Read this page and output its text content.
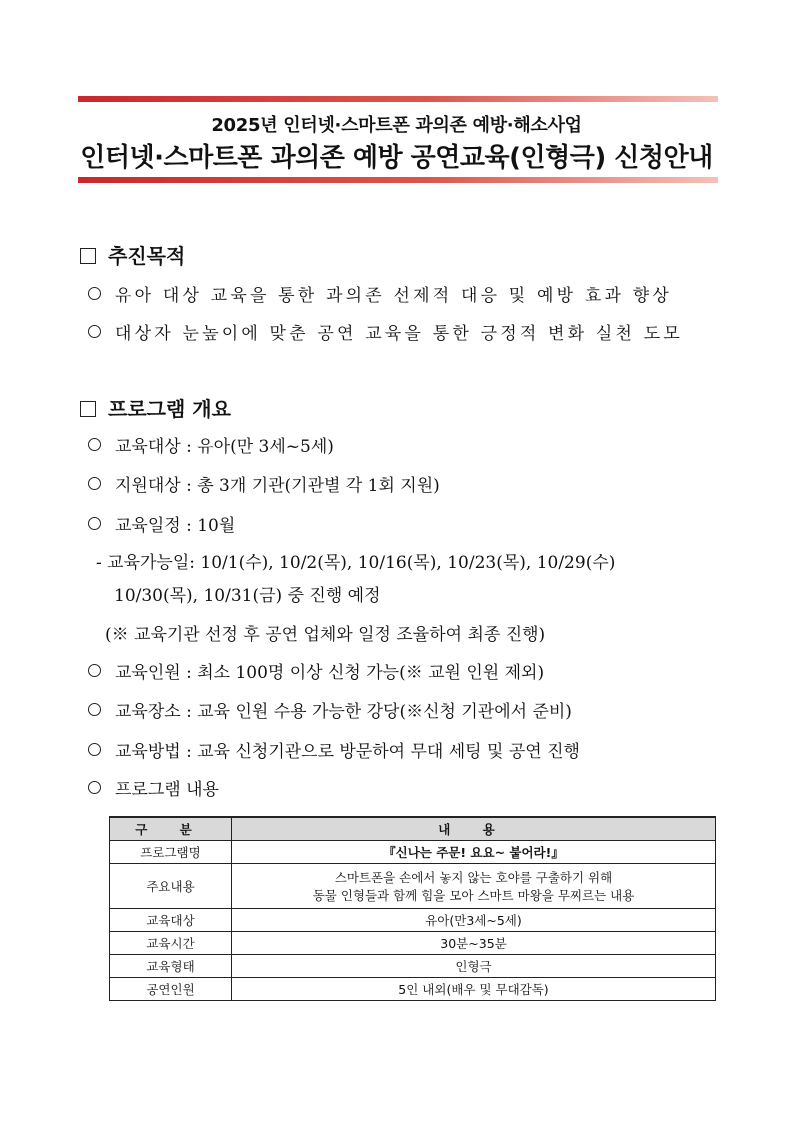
2025년 인터넷·스마트폰 과의존 예방·해소사업
인터넷·스마트폰 과의존 예방 공연교육(인형극) 신청안내
추진목적
유아 대상 교육을 통한 과의존 선제적 대응 및 예방 효과 향상
대상자 눈높이에 맞춘 공연 교육을 통한 긍정적 변화 실천 도모
프로그램 개요
교육대상 : 유아(만 3세~5세)
지원대상 : 총 3개 기관(기관별 각 1회 지원)
교육일정 : 10월
- 교육가능일: 10/1(수), 10/2(목), 10/16(목), 10/23(목), 10/29(수)
10/30(목), 10/31(금) 중 진행 예정
(※ 교육기관 선정 후 공연 업체와 일정 조율하여 최종 진행)
교육인원 : 최소 100명 이상 신청 가능(※ 교원 인원 제외)
교육장소 : 교육 인원 수용 가능한 강당(※신청 기관에서 준비)
교육방법 : 교육 신청기관으로 방문하여 무대 세팅 및 공연 진행
프로그램 내용
구 분	내 용
프로그램명	『신나는 주문! 요요~ 붙어라!』
주요내용	스마트폰을 손에서 놓지 않는 호야를 구출하기 위해
동물 인형들과 함께 힘을 모아 스마트 마왕을 무찌르는 내용

교육대상	유아(만3세~5세)
교육시간	30분~35분
교육형태	인형극
공연인원	5인 내외(배우 및 무대감독)
